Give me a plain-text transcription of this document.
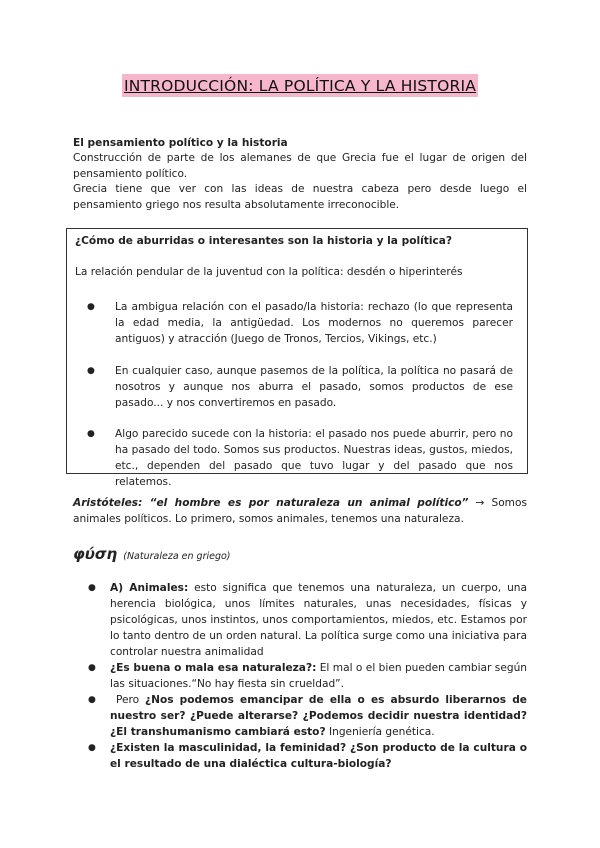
INTRODUCCIÓN: LA POLÍTICA Y LA HISTORIA
El pensamiento político y la historia
Construcción de parte de los alemanes de que Grecia fue el lugar de origen del pensamiento político.
Grecia tiene que ver con las ideas de nuestra cabeza pero desde luego el pensamiento griego nos resulta absolutamente irreconocible.
¿Cómo de aburridas o interesantes son la historia y la política?
La relación pendular de la juventud con la política: desdén o hiperinterés
● La ambigua relación con el pasado/la historia: rechazo (lo que representa la edad media, la antigüedad. Los modernos no queremos parecer antiguos) y atracción (Juego de Tronos, Tercios, Vikings, etc.)
● En cualquier caso, aunque pasemos de la política, la política no pasará de nosotros y aunque nos aburra el pasado, somos productos de ese pasado... y nos convertiremos en pasado.
● Algo parecido sucede con la historia: el pasado nos puede aburrir, pero no ha pasado del todo. Somos sus productos. Nuestras ideas, gustos, miedos, etc., dependen del pasado que tuvo lugar y del pasado que nos relatemos.
Aristóteles: “el hombre es por naturaleza un animal político” → Somos animales políticos. Lo primero, somos animales, tenemos una naturaleza.
φύση (Naturaleza en griego)
● A) Animales: esto significa que tenemos una naturaleza, un cuerpo, una herencia biológica, unos límites naturales, unas necesidades, físicas y psicológicas, unos instintos, unos comportamientos, miedos, etc. Estamos por lo tanto dentro de un orden natural. La política surge como una iniciativa para controlar nuestra animalidad
● ¿Es buena o mala esa naturaleza?: El mal o el bien pueden cambiar según las situaciones.“No hay fiesta sin crueldad”.
●	Pero ¿Nos podemos emancipar de ella o es absurdo liberarnos de nuestro ser? ¿Puede alterarse? ¿Podemos decidir nuestra identidad? ¿El transhumanismo cambiará esto? Ingeniería genética.
● ¿Existen la masculinidad, la feminidad? ¿Son producto de la cultura o el resultado de una dialéctica cultura-biología?
